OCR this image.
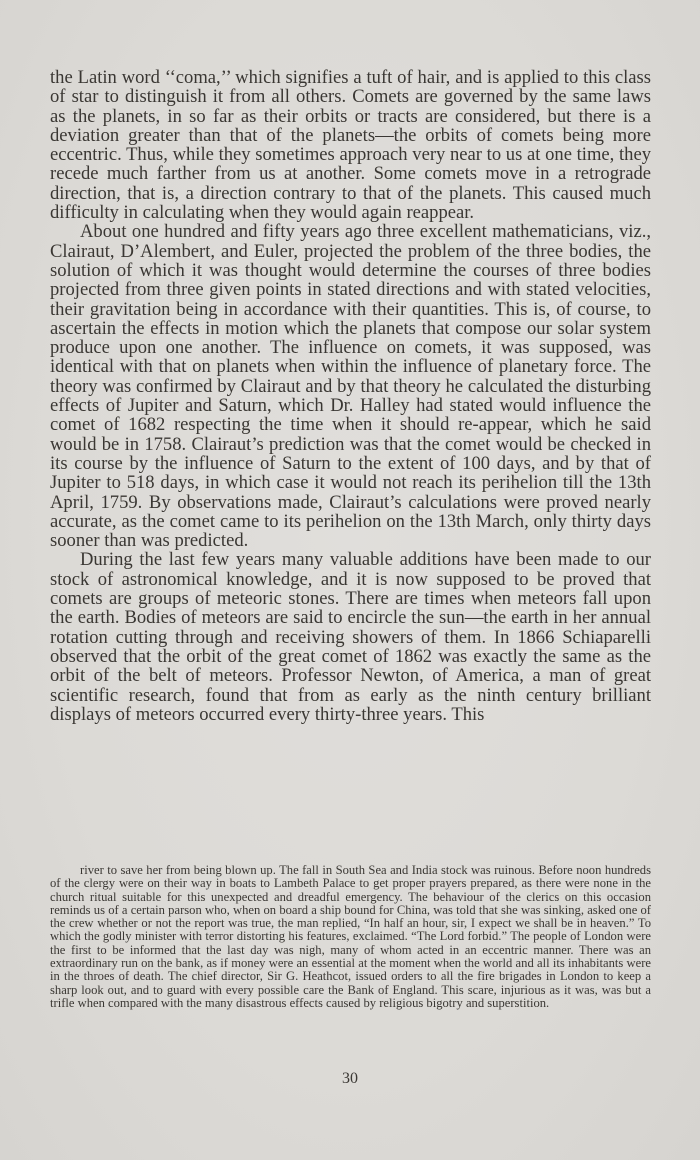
the Latin word ‘‘coma,’’ which signifies a tuft of hair, and is applied to this class of star to distinguish it from all others. Comets are governed by the same laws as the planets, in so far as their orbits or tracts are considered, but there is a deviation greater than that of the planets—the orbits of comets being more eccentric. Thus, while they sometimes approach very near to us at one time, they recede much farther from us at another. Some comets move in a retrograde direction, that is, a direction contrary to that of the planets. This caused much difficulty in calculating when they would again reappear.

About one hundred and fifty years ago three excellent mathematicians, viz., Clairaut, D’Alembert, and Euler, projected the problem of the three bodies, the solution of which it was thought would determine the courses of three bodies projected from three given points in stated directions and with stated velocities, their gravitation being in accordance with their quantities. This is, of course, to ascertain the effects in motion which the planets that compose our solar system produce upon one another. The influence on comets, it was supposed, was identical with that on planets when within the influence of planetary force. The theory was confirmed by Clairaut and by that theory he calculated the disturbing effects of Jupiter and Saturn, which Dr. Halley had stated would influence the comet of 1682 respecting the time when it should re-appear, which he said would be in 1758. Clairaut’s prediction was that the comet would be checked in its course by the influence of Saturn to the extent of 100 days, and by that of Jupiter to 518 days, in which case it would not reach its perihelion till the 13th April, 1759. By observations made, Clairaut’s calculations were proved nearly accurate, as the comet came to its perihelion on the 13th March, only thirty days sooner than was predicted.

During the last few years many valuable additions have been made to our stock of astronomical knowledge, and it is now supposed to be proved that comets are groups of meteoric stones. There are times when meteors fall upon the earth. Bodies of meteors are said to encircle the sun—the earth in her annual rotation cutting through and receiving showers of them. In 1866 Schiaparelli observed that the orbit of the great comet of 1862 was exactly the same as the orbit of the belt of meteors. Professor Newton, of America, a man of great scientific research, found that from as early as the ninth century brilliant displays of meteors occurred every thirty-three years. This

river to save her from being blown up. The fall in South Sea and India stock was ruinous. Before noon hundreds of the clergy were on their way in boats to Lambeth Palace to get proper prayers prepared, as there were none in the church ritual suitable for this unexpected and dreadful emergency. The behaviour of the clerics on this occasion reminds us of a certain parson who, when on board a ship bound for China, was told that she was sinking, asked one of the crew whether or not the report was true, the man replied, “In half an hour, sir, I expect we shall be in heaven.” To which the godly minister with terror distorting his features, exclaimed. “The Lord forbid.” The people of London were the first to be informed that the last day was nigh, many of whom acted in an eccentric manner. There was an extraordinary run on the bank, as if money were an essential at the moment when the world and all its inhabitants were in the throes of death. The chief director, Sir G. Heathcot, issued orders to all the fire brigades in London to keep a sharp look out, and to guard with every possible care the Bank of England. This scare, injurious as it was, was but a trifle when compared with the many disastrous effects caused by religious bigotry and superstition.

30
